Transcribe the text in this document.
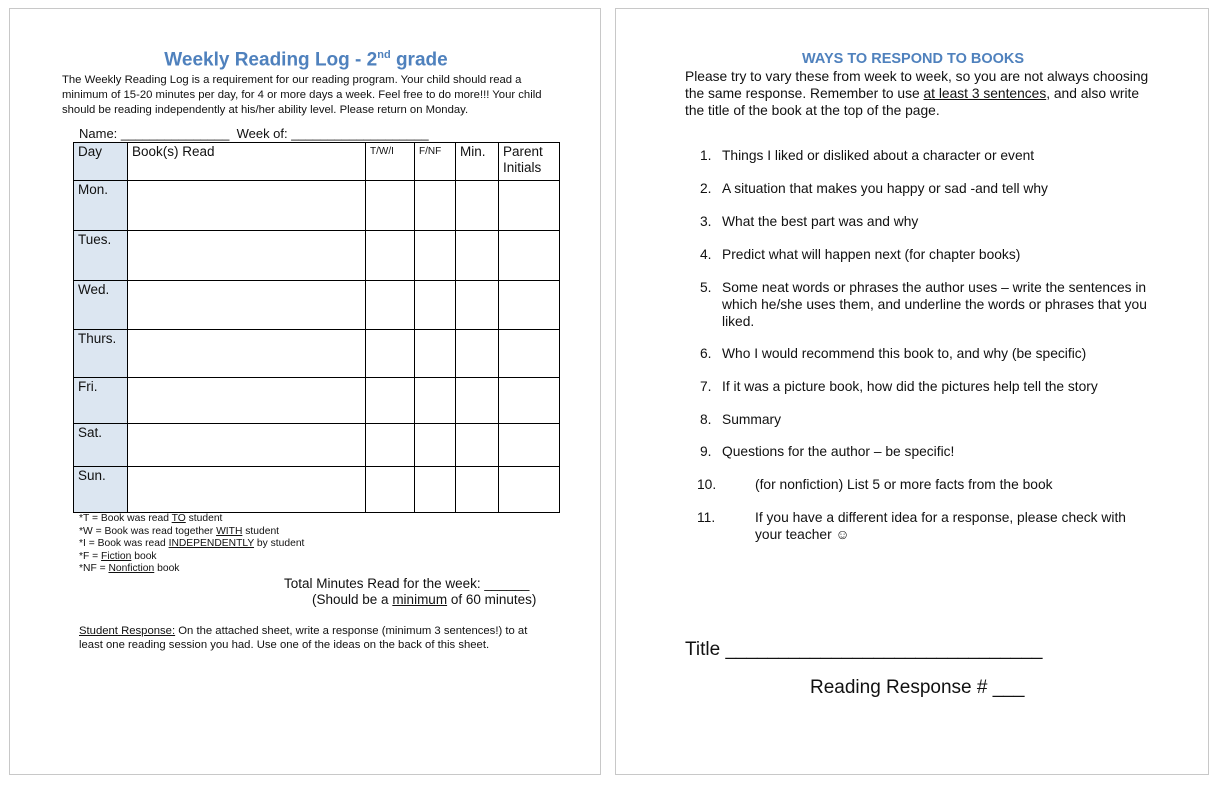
Weekly Reading Log - 2nd grade
The Weekly Reading Log is a requirement for our reading program. Your child should read a minimum of 15-20 minutes per day, for 4 or more days a week. Feel free to do more!!! Your child should be reading independently at his/her ability level. Please return on Monday.
Name: _______________  Week of: ___________________
Day	Book(s) Read	T/W/I	F/NF	Min.	Parent Initials
Mon.					
Tues.					
Wed.					
Thurs.					
Fri.					
Sat.					
Sun.					
*T = Book was read TO student
*W = Book was read together WITH student
*I = Book was read INDEPENDENTLY by student
*F = Fiction book
*NF = Nonfiction book
Total Minutes Read for the week: ______
(Should be a minimum of 60 minutes)
Student Response: On the attached sheet, write a response (minimum 3 sentences!) to at least one reading session you had. Use one of the ideas on the back of this sheet.
WAYS TO RESPOND TO BOOKS
Please try to vary these from week to week, so you are not always choosing the same response. Remember to use at least 3 sentences, and also write the title of the book at the top of the page.
1. Things I liked or disliked about a character or event
2. A situation that makes you happy or sad -and tell why
3. What the best part was and why
4. Predict what will happen next (for chapter books)
5. Some neat words or phrases the author uses – write the sentences in which he/she uses them, and underline the words or phrases that you liked.
6. Who I would recommend this book to, and why (be specific)
7. If it was a picture book, how did the pictures help tell the story
8. Summary
9. Questions for the author – be specific!
10.	(for nonfiction) List 5 or more facts from the book
11.	If you have a different idea for a response, please check with your teacher ☺
Title ______________________________
Reading Response # ___
